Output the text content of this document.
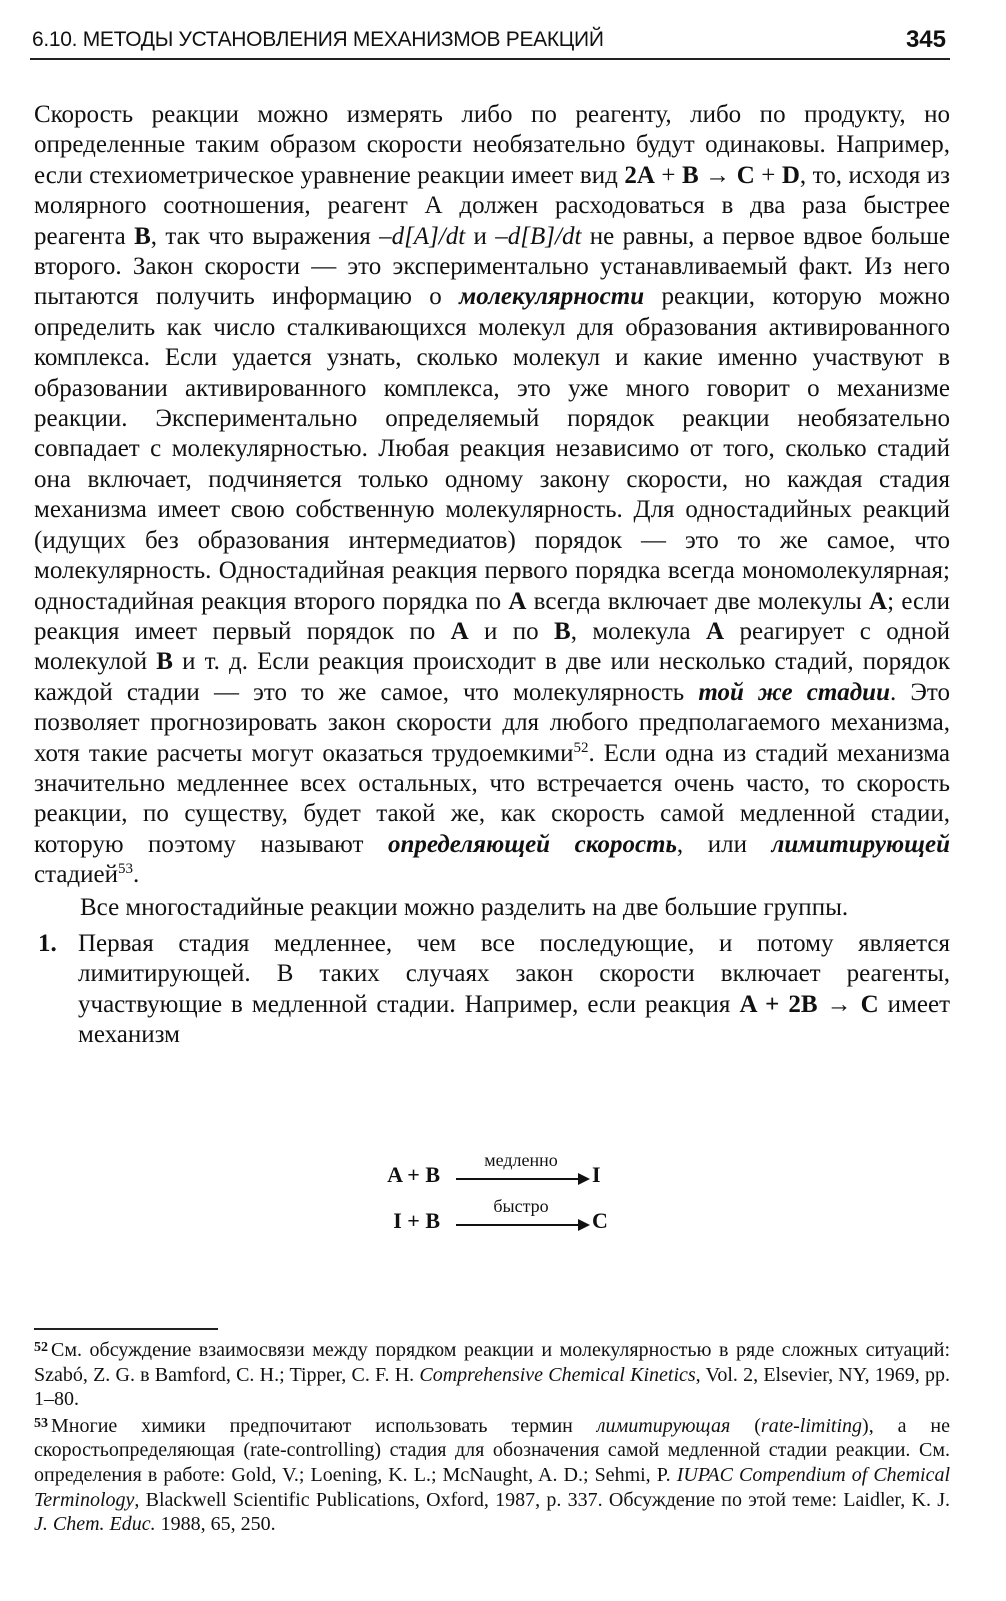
6.10. МЕТОДЫ УСТАНОВЛЕНИЯ МЕХАНИЗМОВ РЕАКЦИЙ	345

Скорость реакции можно измерять либо по реагенту, либо по продукту, но определенные таким образом скорости необязательно будут одинаковы. Например, если стехиометрическое уравнение реакции имеет вид 2A + B → C + D, то, исходя из молярного соотношения, реагент А должен расходоваться в два раза быстрее реагента B, так что выражения –d[A]/dt и –d[B]/dt не равны, а первое вдвое больше второго. Закон скорости — это экспериментально устанавливаемый факт. Из него пытаются получить информацию о молекулярности реакции, которую можно определить как число сталкивающихся молекул для образования активированного комплекса. Если удается узнать, сколько молекул и какие именно участвуют в образовании активированного комплекса, это уже много говорит о механизме реакции. Экспериментально определяемый порядок реакции необязательно совпадает с молекулярностью. Любая реакция независимо от того, сколько стадий она включает, подчиняется только одному закону скорости, но каждая стадия механизма имеет свою собственную молекулярность. Для одностадийных реакций (идущих без образования интермедиатов) порядок — это то же самое, что молекулярность. Одностадийная реакция первого порядка всегда мономолекулярная; одностадийная реакция второго порядка по A всегда включает две молекулы A; если реакция имеет первый порядок по A и по B, молекула A реагирует с одной молекулой B и т. д. Если реакция происходит в две или несколько стадий, порядок каждой стадии — это то же самое, что молекулярность той же стадии. Это позволяет прогнозировать закон скорости для любого предполагаемого механизма, хотя такие расчеты могут оказаться трудоемкими$^{52}$. Если одна из стадий механизма значительно медленнее всех остальных, что встречается очень часто, то скорость реакции, по существу, будет такой же, как скорость самой медленной стадии, которую поэтому называют определяющей скорость, или лимитирующей стадией$^{53}$.

Все многостадийные реакции можно разделить на две большие группы.

1. Первая стадия медленнее, чем все последующие, и потому является лимитирующей. В таких случаях закон скорости включает реагенты, участвующие в медленной стадии. Например, если реакция A + 2B → C имеет механизм
A + B
медленно
I
I + B
быстро
C

$^{52}$ См. обсуждение взаимосвязи между порядком реакции и молекулярностью в ряде сложных ситуаций: Szabó, Z. G. в Bamford, C. H.; Tipper, C. F. H. Comprehensive Chemical Kinetics, Vol. 2, Elsevier, NY, 1969, pp. 1–80.

$^{53}$ Многие химики предпочитают использовать термин лимитирующая (rate-limiting), а не скоростьопределяющая (rate-controlling) стадия для обозначения самой медленной стадии реакции. См. определения в работе: Gold, V.; Loening, K. L.; McNaught, A. D.; Sehmi, P. IUPAC Compendium of Chemical Terminology, Blackwell Scientific Publications, Oxford, 1987, p. 337. Обсуждение по этой теме: Laidler, K. J. J. Chem. Educ. 1988, 65, 250.
